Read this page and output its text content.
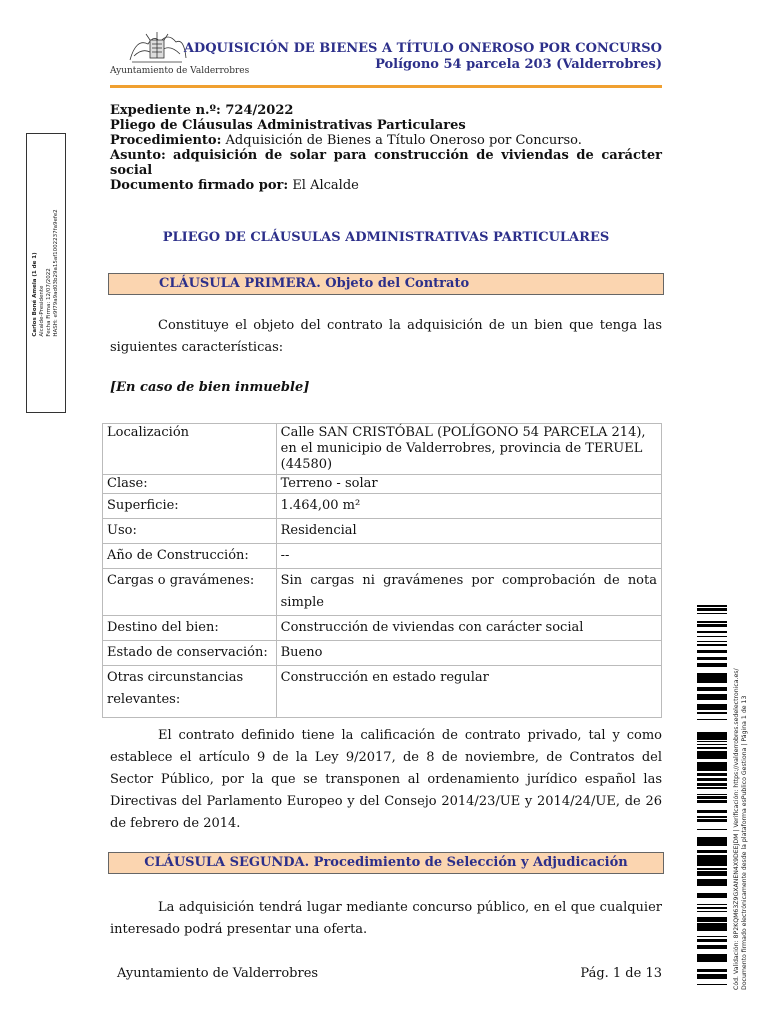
Ayuntamiento de Valderrobres
ADQUISICIÓN DE BIENES A TÍTULO ONEROSO POR CONCURSO
Polígono 54 parcela 203 (Valderrobres)
Carlos Boné Amela (1 de 1) Alcalde-Presidente Fecha Firma: 12/07/2022 HASH: e9f79a9ad03b29a15af1002237fa9efe2
Expediente n.º: 724/2022
Pliego de Cláusulas Administrativas Particulares
Procedimiento: Adquisición de Bienes a Título Oneroso por Concurso.
Asunto: adquisición de solar para construcción de viviendas de carácter
social
Documento firmado por: El Alcalde
PLIEGO DE CLÁUSULAS ADMINISTRATIVAS PARTICULARES
CLÁUSULA PRIMERA. Objeto del Contrato
Constituye el objeto del contrato la adquisición de un bien que tenga las siguientes características:
[En caso de bien inmueble]
Localización	Calle SAN CRISTÓBAL (POLÍGONO 54 PARCELA 214), en el municipio de Valderrobres, provincia de TERUEL (44580)
Clase:	Terreno - solar
Superficie:	1.464,00 m²
Uso:	Residencial
Año de Construcción:	--
Cargas o gravámenes:	Sin cargas ni gravámenes por comprobación de nota simple
Destino del bien:	Construcción de viviendas con carácter social
Estado de conservación:	Bueno
Otras circunstancias relevantes:	Construcción en estado regular
El contrato definido tiene la calificación de contrato privado, tal y como establece el artículo 9 de la Ley 9/2017, de 8 de noviembre, de Contratos del Sector Público, por la que se transponen al ordenamiento jurídico español las Directivas del Parlamento Europeo y del Consejo 2014/23/UE y 2014/24/UE, de 26 de febrero de 2014.
CLÁUSULA SEGUNDA. Procedimiento de Selección y Adjudicación
La adquisición tendrá lugar mediante concurso público, en el que cualquier interesado podrá presentar una oferta.
Ayuntamiento de Valderrobres	Pág. 1 de 13	Cód. Validación: 8P2KQM63Z9GXANEN4X9DEEJDM | Verificación: https://valderrobres.sedelectronica.es/ Documento firmado electrónicamente desde la plataforma esPublico Gestiona | Página 1 de 13
